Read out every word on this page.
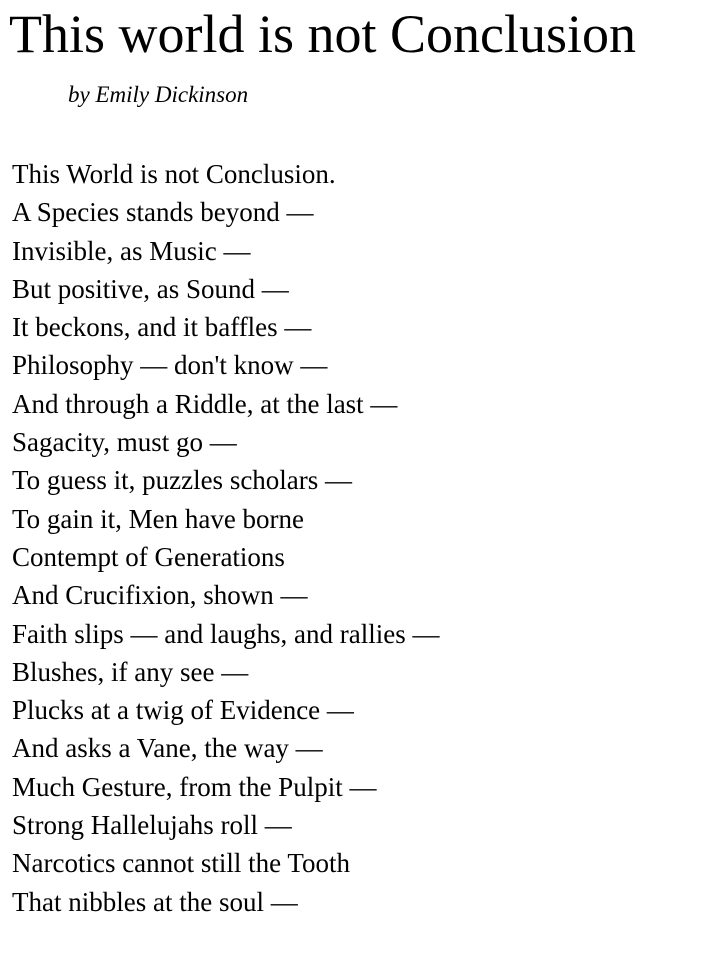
This world is not Conclusion

by Emily Dickinson

This World is not Conclusion.
A Species stands beyond —
Invisible, as Music —
But positive, as Sound —
It beckons, and it baffles —
Philosophy — don't know —
And through a Riddle, at the last —
Sagacity, must go —
To guess it, puzzles scholars —
To gain it, Men have borne
Contempt of Generations
And Crucifixion, shown —
Faith slips — and laughs, and rallies —
Blushes, if any see —
Plucks at a twig of Evidence —
And asks a Vane, the way —
Much Gesture, from the Pulpit —
Strong Hallelujahs roll —
Narcotics cannot still the Tooth
That nibbles at the soul —
